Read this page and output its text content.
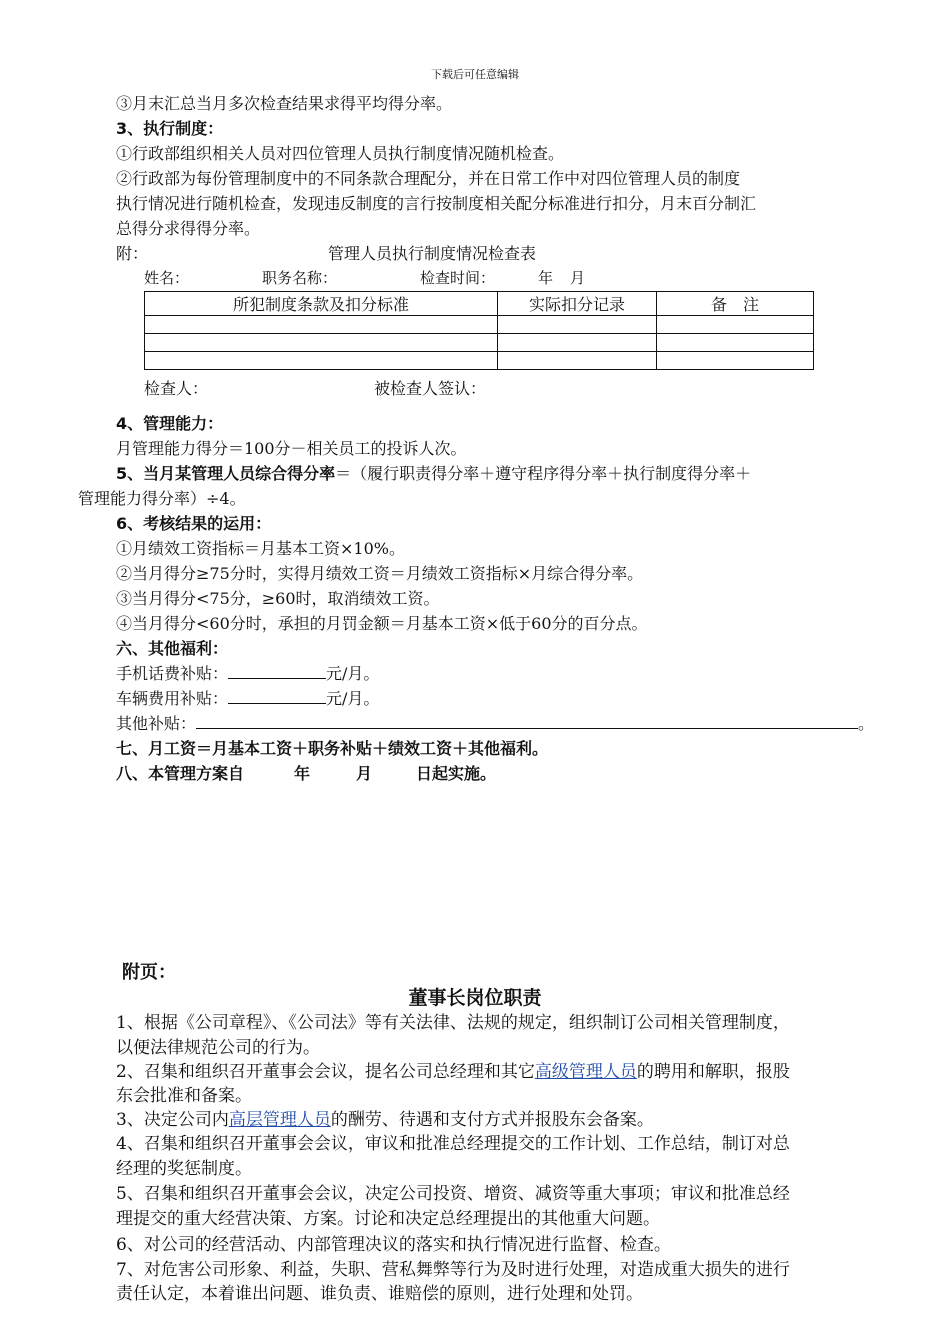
下载后可任意编辑
③月末汇总当月多次检查结果求得平均得分率。
3、执行制度：
①行政部组织相关人员对四位管理人员执行制度情况随机检查。
②行政部为每份管理制度中的不同条款合理配分，并在日常工作中对四位管理人员的制度
执行情况进行随机检查，发现违反制度的言行按制度相关配分标准进行扣分，月末百分制汇
总得分求得得分率。
附：	管理人员执行制度情况检查表
姓名：	职务名称：	检查时间：	年 月
所犯制度条款及扣分标准	实际扣分记录	备　注

检查人：	被检查人签认：
4、管理能力：
月管理能力得分＝100分－相关员工的投诉人次。
5、当月某管理人员综合得分率＝（履行职责得分率＋遵守程序得分率＋执行制度得分率＋
管理能力得分率）÷4。
6、考核结果的运用：
①月绩效工资指标＝月基本工资×10%。
②当月得分≥75分时，实得月绩效工资＝月绩效工资指标×月综合得分率。
③当月得分<75分，≥60时，取消绩效工资。
④当月得分<60分时，承担的月罚金额＝月基本工资×低于60分的百分点。
六、其他福利：
手机话费补贴：	元/月。
车辆费用补贴：	元/月。
其他补贴：	。
七、月工资＝月基本工资＋职务补贴＋绩效工资＋其他福利。
八、本管理方案自	年	月	日起实施。
附页：
董事长岗位职责
1、根据《公司章程》、《公司法》等有关法律、法规的规定，组织制订公司相关管理制度，
以便法律规范公司的行为。
2、召集和组织召开董事会会议，提名公司总经理和其它高级管理人员的聘用和解职，报股
东会批准和备案。
3、决定公司内高层管理人员的酬劳、待遇和支付方式并报股东会备案。
4、召集和组织召开董事会会议，审议和批准总经理提交的工作计划、工作总结，制订对总
经理的奖惩制度。
5、召集和组织召开董事会会议，决定公司投资、增资、减资等重大事项；审议和批准总经
理提交的重大经营决策、方案。讨论和决定总经理提出的其他重大问题。
6、对公司的经营活动、内部管理决议的落实和执行情况进行监督、检查。
7、对危害公司形象、利益，失职、营私舞弊等行为及时进行处理，对造成重大损失的进行
责任认定，本着谁出问题、谁负责、谁赔偿的原则，进行处理和处罚。
